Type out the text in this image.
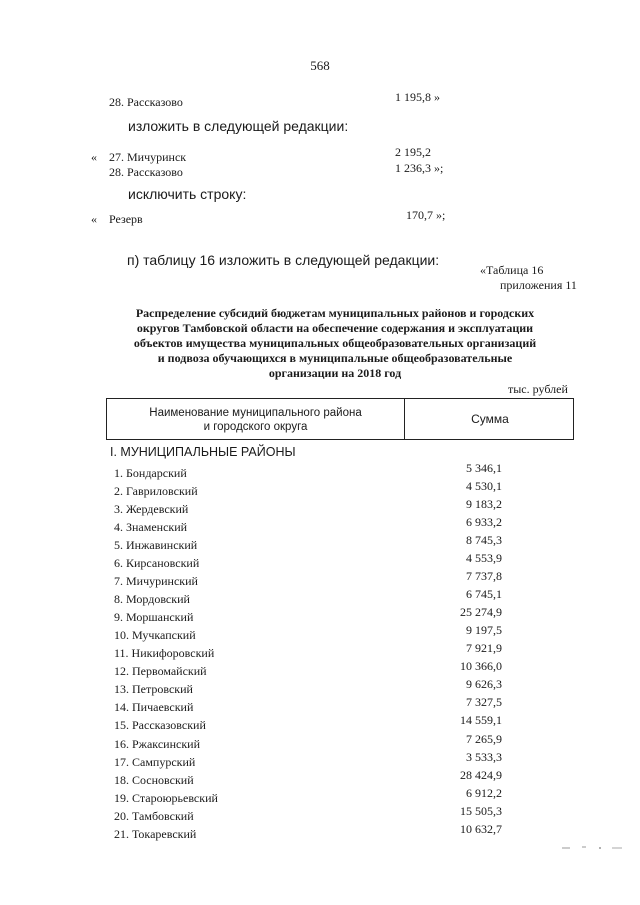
568
28. Рассказово	1 195,8 »
изложить в следующей редакции:
« 27. Мичуринск	2 195,2
28. Рассказово	1 236,3 »;
исключить строку:
« Резерв	170,7 »;
п) таблицу 16 изложить в следующей редакции:
«Таблица 16
приложения 11
Распределение субсидий бюджетам муниципальных районов и городских
округов Тамбовской области на обеспечение содержания и эксплуатации
объектов имущества муниципальных общеобразовательных организаций
и подвоза обучающихся в муниципальные общеобразовательные
организации на 2018 год
тыс. рублей
Наименование муниципального района
и городского округа
Сумма
I. МУНИЦИПАЛЬНЫЕ РАЙОНЫ
1. Бондарский	5 346,1
2. Гавриловский	4 530,1
3. Жердевский	9 183,2
4. Знаменский	6 933,2
5. Инжавинский	8 745,3
6. Кирсановский	4 553,9
7. Мичуринский	7 737,8
8. Мордовский	6 745,1
9. Моршанский	25 274,9
10. Мучкапский	9 197,5
11. Никифоровский	7 921,9
12. Первомайский	10 366,0
13. Петровский	9 626,3
14. Пичаевский	7 327,5
15. Рассказовский	14 559,1
16. Ржаксинский	7 265,9
17. Сампурский	3 533,3
18. Сосновский	28 424,9
19. Староюрьевский	6 912,2
20. Тамбовский	15 505,3
21. Токаревский	10 632,7
